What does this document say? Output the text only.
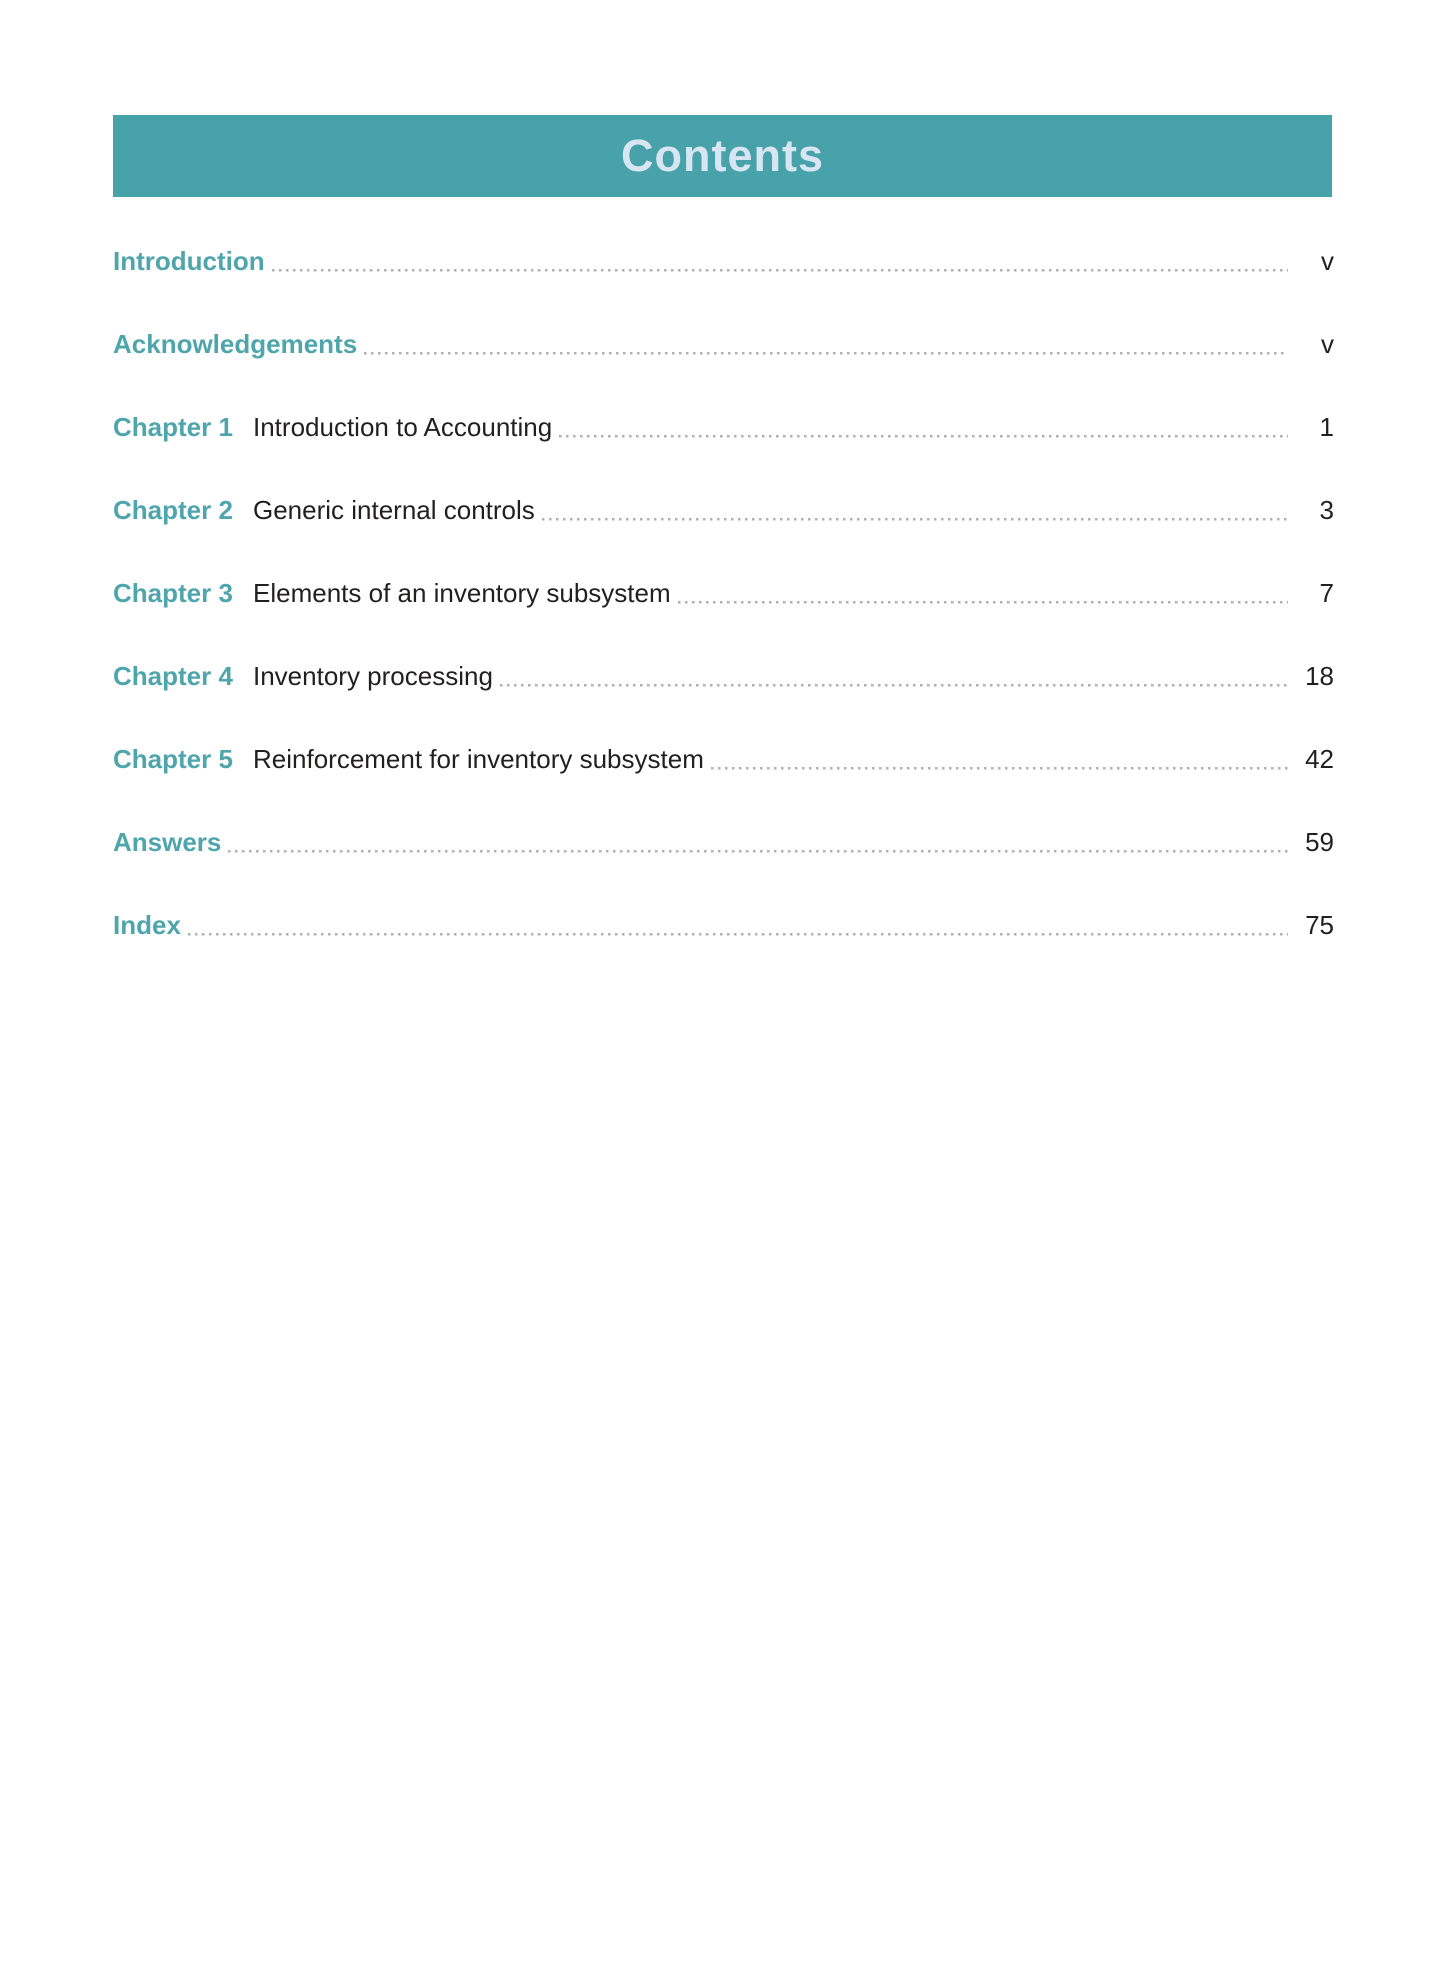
Contents
Introduction	v
Acknowledgements	v
Chapter 1 Introduction to Accounting	1
Chapter 2 Generic internal controls	3
Chapter 3 Elements of an inventory subsystem	7
Chapter 4 Inventory processing	18
Chapter 5 Reinforcement for inventory subsystem	42
Answers	59
Index	75
